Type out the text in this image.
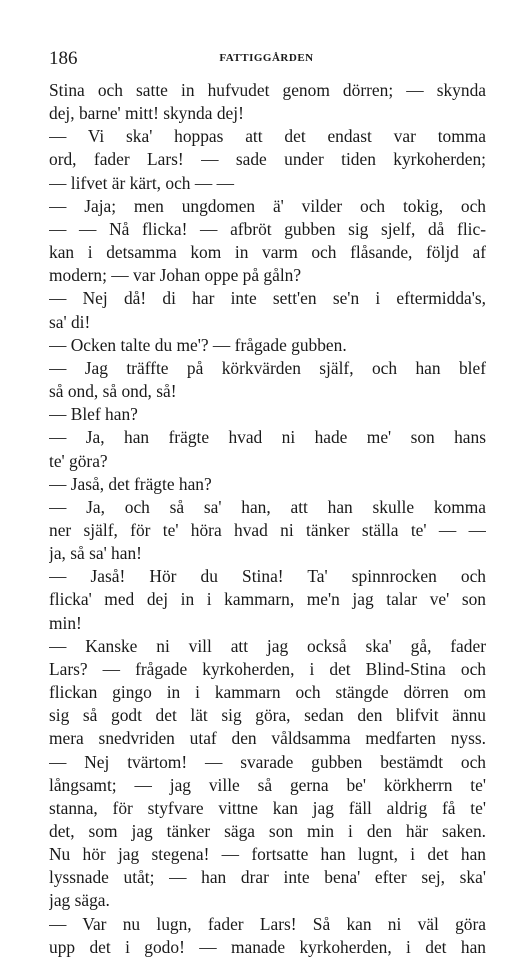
186	FATTIGGÅRDEN
Stina och satte in hufvudet genom dörren; — skynda
dej, barne' mitt! skynda dej!
— Vi ska' hoppas att det endast var tomma
ord, fader Lars! — sade under tiden kyrkoherden;
— lifvet är kärt, och — —
— Jaja; men ungdomen ä' vilder och tokig, och
— — Nå flicka! — afbröt gubben sig sjelf, då flic-
kan i detsamma kom in varm och flåsande, följd af
modern; — var Johan oppe på gåln?
— Nej då! di har inte sett'en se'n i eftermidda's,
sa' di!
— Ocken talte du me'? — frågade gubben.
— Jag träffte på körkvärden själf, och han blef
så ond, så ond, så!
— Blef han?
— Ja, han frägte hvad ni hade me' son hans
te' göra?
— Jaså, det frägte han?
— Ja, och så sa' han, att han skulle komma
ner själf, för te' höra hvad ni tänker ställa te' — —
ja, så sa' han!
— Jaså! Hör du Stina! Ta' spinnrocken och
flicka' med dej in i kammarn, me'n jag talar ve' son
min!
— Kanske ni vill att jag också ska' gå, fader
Lars? — frågade kyrkoherden, i det Blind-Stina och
flickan gingo in i kammarn och stängde dörren om
sig så godt det lät sig göra, sedan den blifvit ännu
mera snedvriden utaf den våldsamma medfarten nyss.
— Nej tvärtom! — svarade gubben bestämdt och
långsamt; — jag ville så gerna be' körkherrn te'
stanna, för styfvare vittne kan jag fäll aldrig få te'
det, som jag tänker säga son min i den här saken.
Nu hör jag stegena! — fortsatte han lugnt, i det han
lyssnade utåt; — han drar inte bena' efter sej, ska'
jag säga.
— Var nu lugn, fader Lars! Så kan ni väl göra
upp det i godo! — manade kyrkoherden, i det han
